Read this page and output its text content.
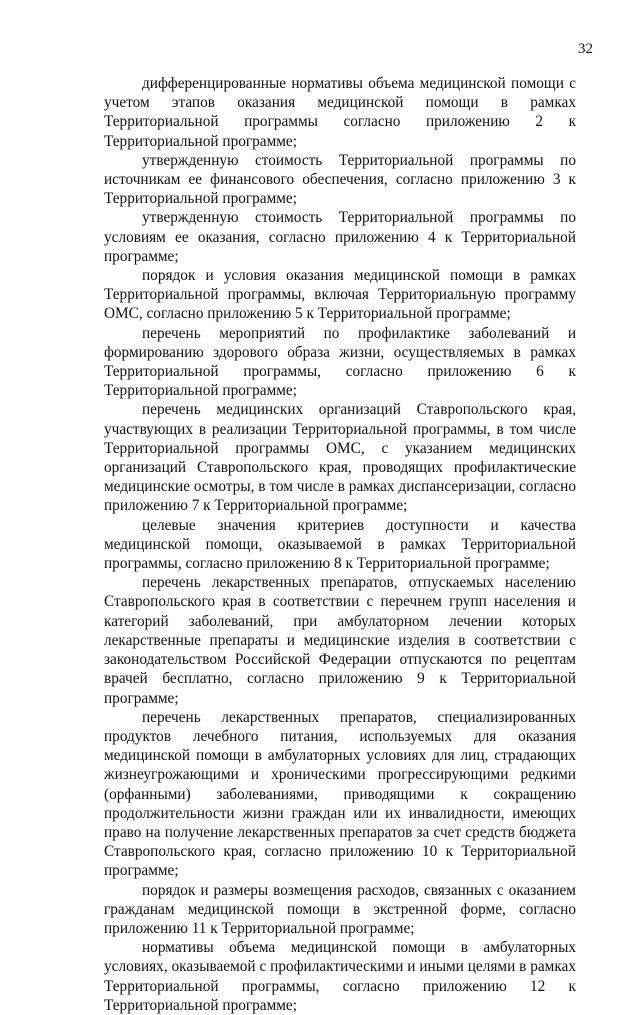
32

дифференцированные нормативы объема медицинской помощи с учетом этапов оказания медицинской помощи в рамках Территориальной программы согласно приложению 2 к Территориальной программе;

утвержденную стоимость Территориальной программы по источникам ее финансового обеспечения, согласно приложению 3 к Территориальной программе;

утвержденную стоимость Территориальной программы по условиям ее оказания, согласно приложению 4 к Территориальной программе;

порядок и условия оказания медицинской помощи в рамках Территориальной программы, включая Территориальную программу ОМС, согласно приложению 5 к Территориальной программе;

перечень мероприятий по профилактике заболеваний и формированию здорового образа жизни, осуществляемых в рамках Территориальной программы, согласно приложению 6 к Территориальной программе;

перечень медицинских организаций Ставропольского края, участвующих в реализации Территориальной программы, в том числе Территориальной программы ОМС, с указанием медицинских организаций Ставропольского края, проводящих профилактические медицинские осмотры, в том числе в рамках диспансеризации, согласно приложению 7 к Территориальной программе;

целевые значения критериев доступности и качества медицинской помощи, оказываемой в рамках Территориальной программы, согласно приложению 8 к Территориальной программе;

перечень лекарственных препаратов, отпускаемых населению Ставропольского края в соответствии с перечнем групп населения и категорий заболеваний, при амбулаторном лечении которых лекарственные препараты и медицинские изделия в соответствии с законодательством Российской Федерации отпускаются по рецептам врачей бесплатно, согласно приложению 9 к Территориальной программе;

перечень лекарственных препаратов, специализированных продуктов лечебного питания, используемых для оказания медицинской помощи в амбулаторных условиях для лиц, страдающих жизнеугрожающими и хроническими прогрессирующими редкими (орфанными) заболеваниями, приводящими к сокращению продолжительности жизни граждан или их инвалидности, имеющих право на получение лекарственных препаратов за счет средств бюджета Ставропольского края, согласно приложению 10 к Территориальной программе;

порядок и размеры возмещения расходов, связанных с оказанием гражданам медицинской помощи в экстренной форме, согласно приложению 11 к Территориальной программе;

нормативы объема медицинской помощи в амбулаторных условиях, оказываемой с профилактическими и иными целями в рамках Территориальной программы, согласно приложению 12 к Территориальной программе;
